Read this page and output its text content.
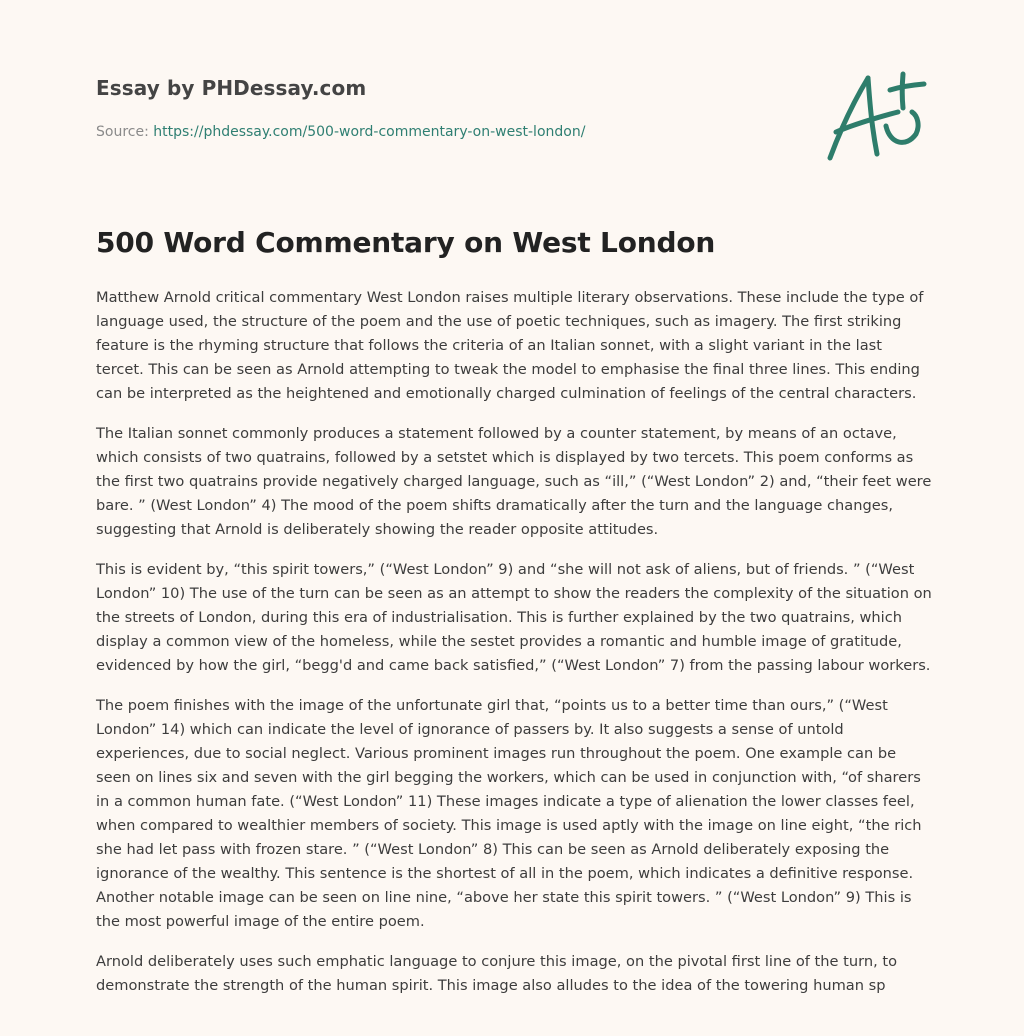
Essay by PHDessay.com
Source: https://phdessay.com/500-word-commentary-on-west-london/
500 Word Commentary on West London

Matthew Arnold critical commentary West London raises multiple literary observations. These include the type of language used, the structure of the poem and the use of poetic techniques, such as imagery. The first striking feature is the rhyming structure that follows the criteria of an Italian sonnet, with a slight variant in the last tercet. This can be seen as Arnold attempting to tweak the model to emphasise the final three lines. This ending can be interpreted as the heightened and emotionally charged culmination of feelings of the central characters.

The Italian sonnet commonly produces a statement followed by a counter statement, by means of an octave, which consists of two quatrains, followed by a setstet which is displayed by two tercets. This poem conforms as the first two quatrains provide negatively charged language, such as “ill,” (“West London” 2) and, “their feet were bare. ” (West London” 4) The mood of the poem shifts dramatically after the turn and the language changes, suggesting that Arnold is deliberately showing the reader opposite attitudes.

This is evident by, “this spirit towers,” (“West London” 9) and “she will not ask of aliens, but of friends. ” (“West London” 10) The use of the turn can be seen as an attempt to show the readers the complexity of the situation on the streets of London, during this era of industrialisation. This is further explained by the two quatrains, which display a common view of the homeless, while the sestet provides a romantic and humble image of gratitude, evidenced by how the girl, “begg'd and came back satisfied,” (“West London” 7) from the passing labour workers.

The poem finishes with the image of the unfortunate girl that, “points us to a better time than ours,” (“West London” 14) which can indicate the level of ignorance of passers by. It also suggests a sense of untold experiences, due to social neglect. Various prominent images run throughout the poem. One example can be seen on lines six and seven with the girl begging the workers, which can be used in conjunction with, “of sharers in a common human fate. (“West London” 11) These images indicate a type of alienation the lower classes feel, when compared to wealthier members of society. This image is used aptly with the image on line eight, “the rich she had let pass with frozen stare. ” (“West London” 8) This can be seen as Arnold deliberately exposing the ignorance of the wealthy. This sentence is the shortest of all in the poem, which indicates a definitive response. Another notable image can be seen on line nine, “above her state this spirit towers. ” (“West London” 9) This is the most powerful image of the entire poem.

Arnold deliberately uses such emphatic language to conjure this image, on the pivotal first line of the turn, to demonstrate the strength of the human spirit. This image also alludes to the idea of the towering human sp
